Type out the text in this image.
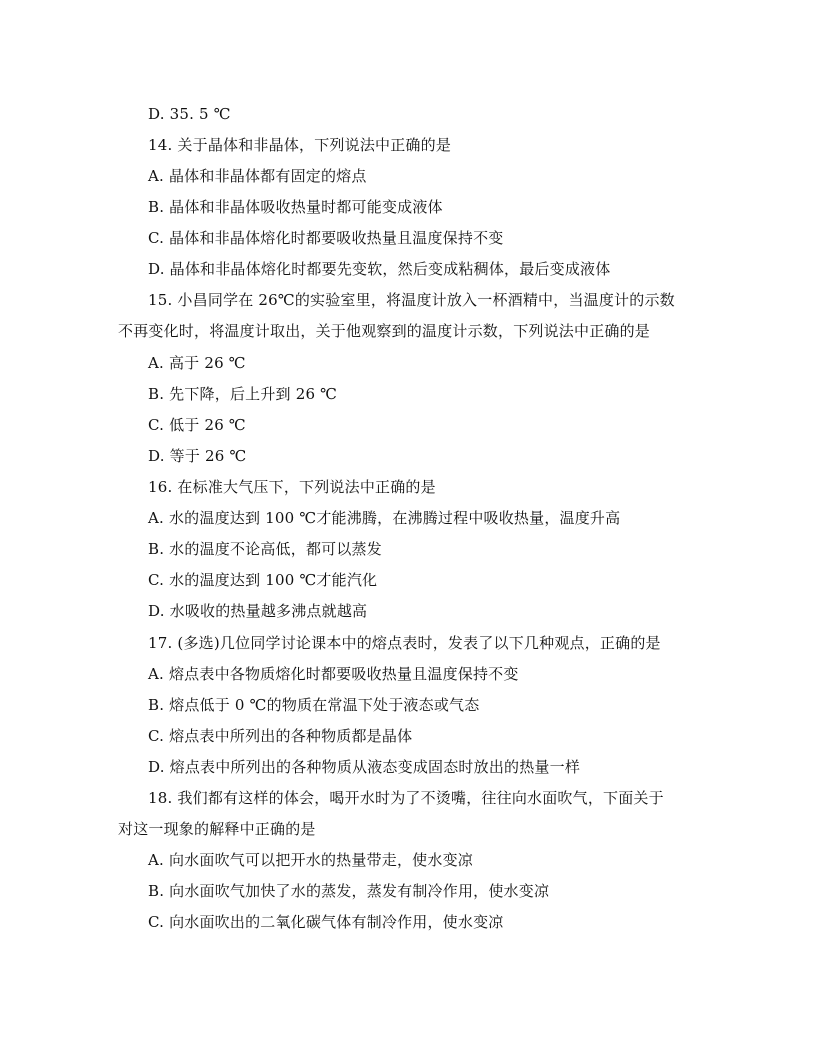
D. 35. 5 ℃
14. 关于晶体和非晶体，下列说法中正确的是
A. 晶体和非晶体都有固定的熔点
B. 晶体和非晶体吸收热量时都可能变成液体
C. 晶体和非晶体熔化时都要吸收热量且温度保持不变
D. 晶体和非晶体熔化时都要先变软，然后变成粘稠体，最后变成液体
15. 小昌同学在 26℃的实验室里，将温度计放入一杯酒精中，当温度计的示数
不再变化时，将温度计取出，关于他观察到的温度计示数，下列说法中正确的是
A. 高于 26 ℃
B. 先下降，后上升到 26 ℃
C. 低于 26 ℃
D. 等于 26 ℃
16. 在标准大气压下，下列说法中正确的是
A. 水的温度达到 100 ℃才能沸腾，在沸腾过程中吸收热量，温度升高
B. 水的温度不论高低，都可以蒸发
C. 水的温度达到 100 ℃才能汽化
D. 水吸收的热量越多沸点就越高
17. (多选)几位同学讨论课本中的熔点表时，发表了以下几种观点，正确的是
A. 熔点表中各物质熔化时都要吸收热量且温度保持不变
B. 熔点低于 0 ℃的物质在常温下处于液态或气态
C. 熔点表中所列出的各种物质都是晶体
D. 熔点表中所列出的各种物质从液态变成固态时放出的热量一样
18. 我们都有这样的体会，喝开水时为了不烫嘴，往往向水面吹气，下面关于
对这一现象的解释中正确的是
A. 向水面吹气可以把开水的热量带走，使水变凉
B. 向水面吹气加快了水的蒸发，蒸发有制冷作用，使水变凉
C. 向水面吹出的二氧化碳气体有制冷作用，使水变凉
